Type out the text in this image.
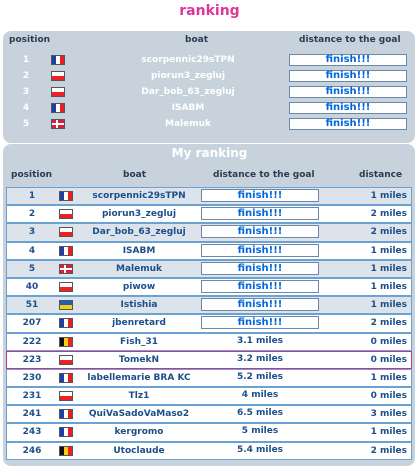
ranking
position	boat	distance to the goal
1	scorpennic29sTPN	finish!!!
2	piorun3_zegluj	finish!!!
3	Dar_bob_63_zegluj	finish!!!
4	ISABM	finish!!!
5	Malemuk	finish!!!
My ranking
position	boat	distance to the goal	distance
1	scorpennic29sTPN	finish!!!	1 miles
2	piorun3_zegluj	finish!!!	2 miles
3	Dar_bob_63_zegluj	finish!!!	2 miles
4	ISABM	finish!!!	1 miles
5	Malemuk	finish!!!	1 miles
40	piwow	finish!!!	1 miles
51	Istishia	finish!!!	1 miles
207	jbenretard	finish!!!	2 miles
222	Fish_31	3.1 miles	0 miles
223	TomekN	3.2 miles	0 miles
230	labellemarie BRA KC	5.2 miles	1 miles
231	Tlz1	4 miles	0 miles
241	QuiVaSadoVaMaso2	6.5 miles	3 miles
243	kergromo	5 miles	1 miles
246	Utoclaude	5.4 miles	2 miles
